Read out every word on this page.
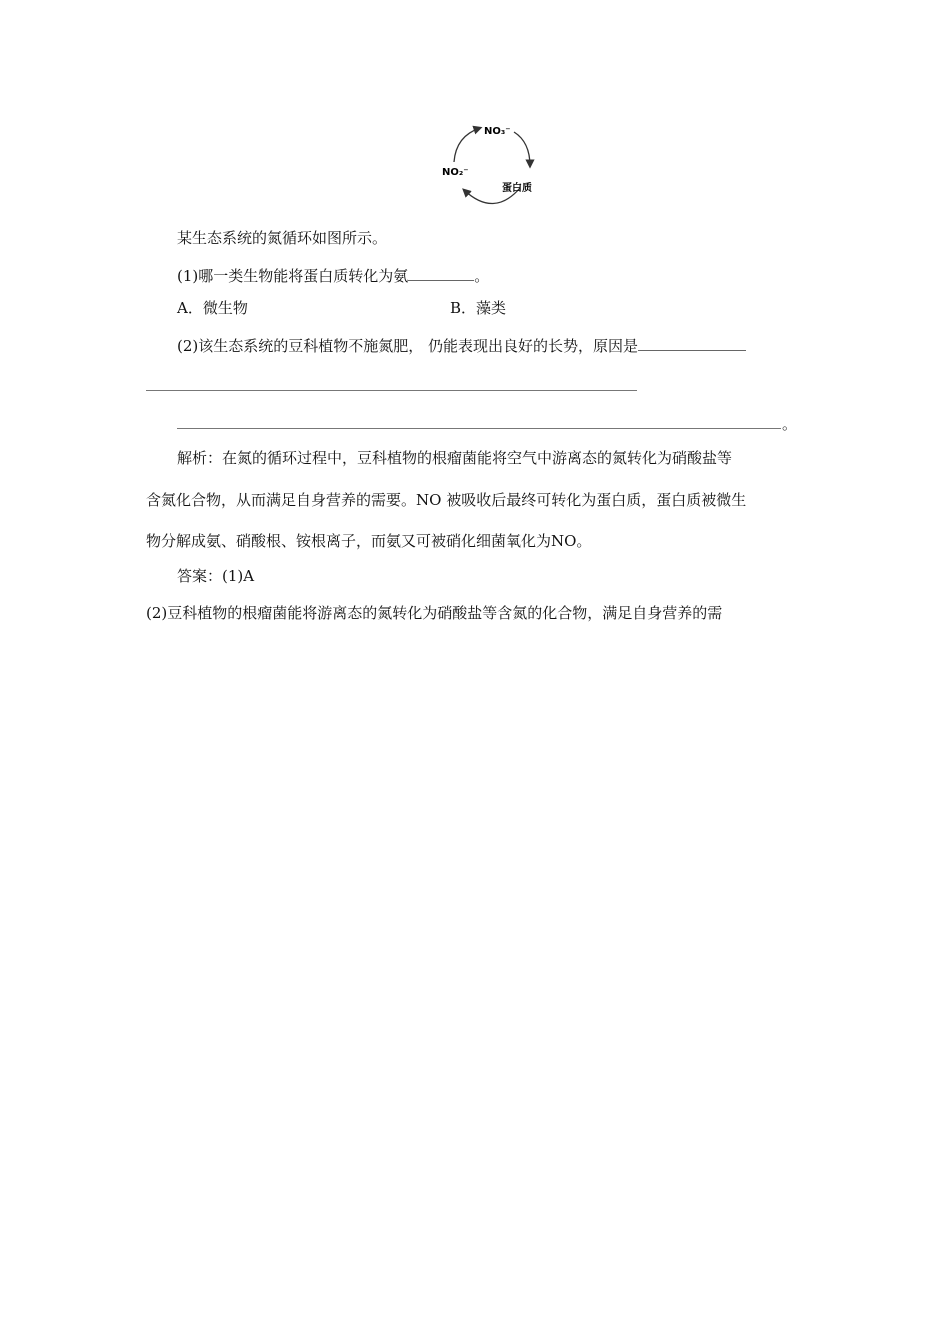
NO₃⁻
NO₂⁻
蛋白质
某生态系统的氮循环如图所示。
(1)哪一类生物能将蛋白质转化为氨	。
A．微生物	B．藻类
(2)该生态系统的豆科植物不施氮肥， 仍能表现出良好的长势，原因是
。
解析：在氮的循环过程中，豆科植物的根瘤菌能将空气中游离态的氮转化为硝酸盐等
含氮化合物，从而满足自身营养的需要。NO 被吸收后最终可转化为蛋白质，蛋白质被微生
物分解成氨、硝酸根、铵根离子，而氨又可被硝化细菌氧化为NO。
答案：(1)A
(2)豆科植物的根瘤菌能将游离态的氮转化为硝酸盐等含氮的化合物，满足自身营养的需
